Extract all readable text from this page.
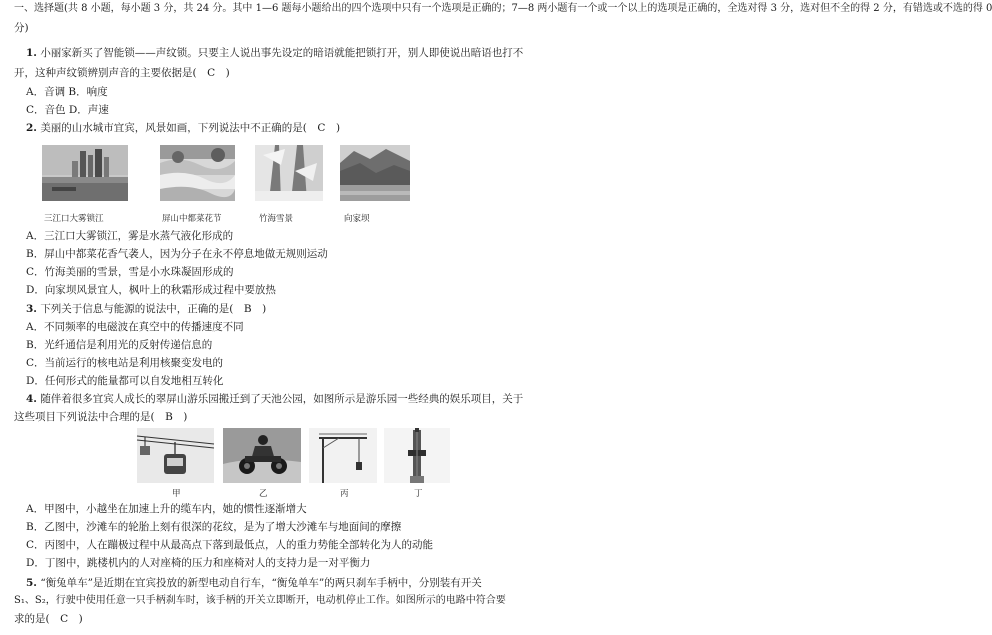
一、选择题(共 8 小题，每小题 3 分，共 24 分。其中 1—6 题每小题给出的四个选项中只有一个选项是正确的；7—8 两小题有一个或一个以上的选项是正确的，全选对得 3 分，选对但不全的得 2 分，有错选或不选的得 0
分)
1. 小丽家新买了智能锁——声纹锁。只要主人说出事先设定的暗语就能把锁打开，别人即使说出暗语也打不
开，这种声纹锁辨别声音的主要依据是(　C　)
A．音调 B．响度
C．音色 D．声速
2. 美丽的山水城市宜宾，风景如画，下列说法中不正确的是(　C　)
三江口大雾锁江	屏山中都菜花节	竹海雪景	向家坝
A．三江口大雾锁江，雾是水蒸气液化形成的
B．屏山中都菜花香气袭人，因为分子在永不停息地做无规则运动
C．竹海美丽的雪景，雪是小水珠凝固形成的
D．向家坝风景宜人，枫叶上的秋霜形成过程中要放热
3. 下列关于信息与能源的说法中，正确的是(　B　)
A．不同频率的电磁波在真空中的传播速度不同
B．光纤通信是利用光的反射传递信息的
C．当前运行的核电站是利用核聚变发电的
D．任何形式的能量都可以自发地相互转化
4. 随伴着很多宜宾人成长的翠屏山游乐园搬迁到了天池公园，如图所示是游乐园一些经典的娱乐项目，关于
这些项目下列说法中合理的是(　B　)
甲	乙	丙	丁
A．甲图中，小越坐在加速上升的缆车内，她的惯性逐渐增大
B．乙图中，沙滩车的轮胎上刻有很深的花纹，是为了增大沙滩车与地面间的摩擦
C．丙图中，人在蹦极过程中从最高点下落到最低点，人的重力势能全部转化为人的动能
D．丁图中，跳楼机内的人对座椅的压力和座椅对人的支持力是一对平衡力
5. “衡兔单车”是近期在宜宾投放的新型电动自行车，“衡兔单车”的两只刹车手柄中，分别装有开关
S₁、S₂，行驶中使用任意一只手柄刹车时，该手柄的开关立即断开，电动机停止工作。如图所示的电路中符合要
求的是(　C　)
